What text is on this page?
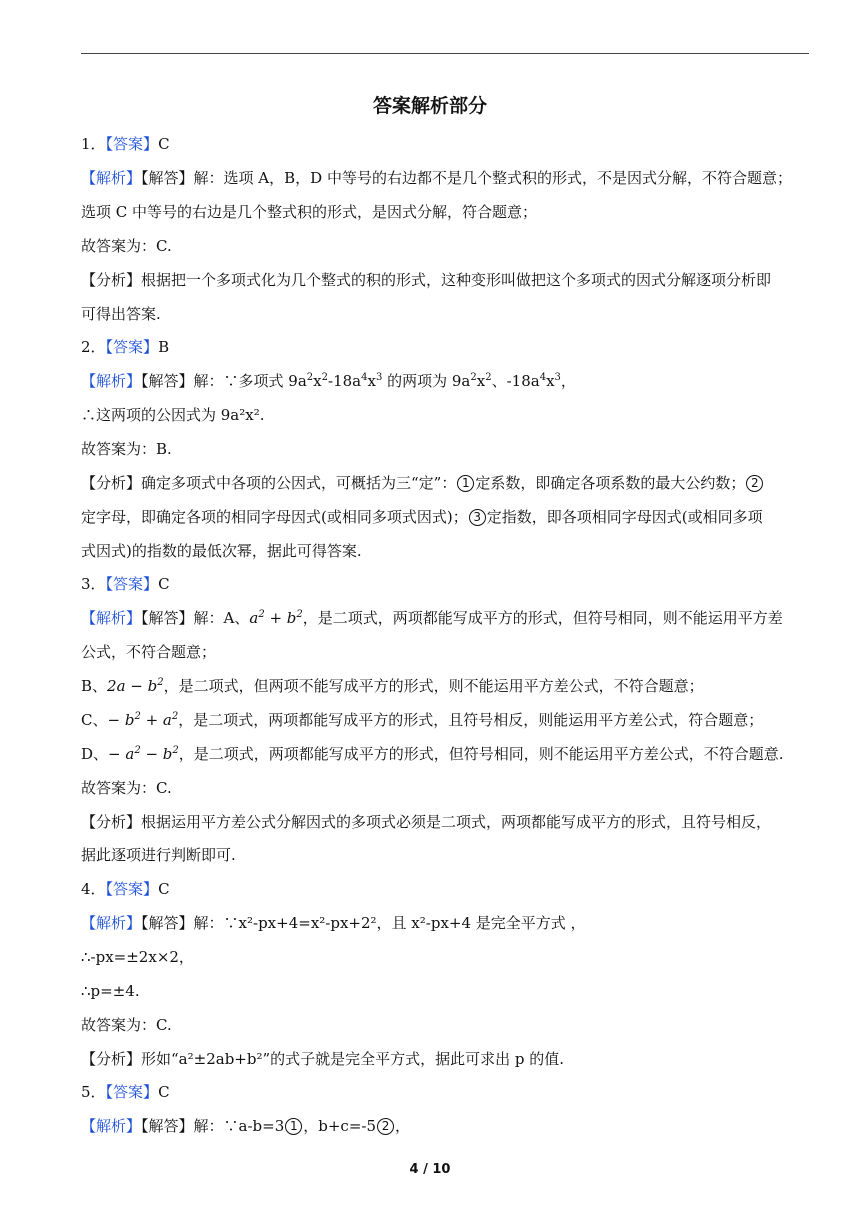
答案解析部分
1．【答案】C
【解析】【解答】解：选项 A，B，D 中等号的右边都不是几个整式积的形式，不是因式分解，不符合题意；
选项 C 中等号的右边是几个整式积的形式，是因式分解，符合题意；
故答案为：C.
【分析】根据把一个多项式化为几个整式的积的形式，这种变形叫做把这个多项式的因式分解逐项分析即
可得出答案.
2．【答案】B
【解析】【解答】解：∵多项式 $9a^2x^2-18a^4x^3$ 的两项为 $9a^2x^2$、$-18a^4x^3$，
∴这两项的公因式为 9a²x².
故答案为：B.
【分析】确定多项式中各项的公因式，可概括为三“定”： 1 定系数，即确定各项系数的最大公约数； 2
定字母，即确定各项的相同字母因式(或相同多项式因式)； 3 定指数，即各项相同字母因式(或相同多项
式因式)的指数的最低次幂，据此可得答案.
3．【答案】C
【解析】【解答】解：A、$a^2 + b^2$，是二项式，两项都能写成平方的形式，但符号相同，则不能运用平方差
公式，不符合题意；
B、$2a - b^2$，是二项式，但两项不能写成平方的形式，则不能运用平方差公式，不符合题意；
C、− $b^2 + a^2$，是二项式，两项都能写成平方的形式，且符号相反，则能运用平方差公式，符合题意；
D、− $a^2 - b^2$，是二项式，两项都能写成平方的形式，但符号相同，则不能运用平方差公式，不符合题意.
故答案为：C.
【分析】根据运用平方差公式分解因式的多项式必须是二项式，两项都能写成平方的形式，且符号相反，
据此逐项进行判断即可.
4．【答案】C
【解析】【解答】解：∵x²-px+4=x²-px+2²，且 x²-px+4 是完全平方式 ，
∴-px=±2x×2，
∴p=±4.
故答案为：C.
【分析】形如“a²±2ab+b²”的式子就是完全平方式，据此可求出 p 的值.
5．【答案】C
【解析】【解答】解：∵a-b=3 1 ，b+c=-5 2 ，
4 / 10
